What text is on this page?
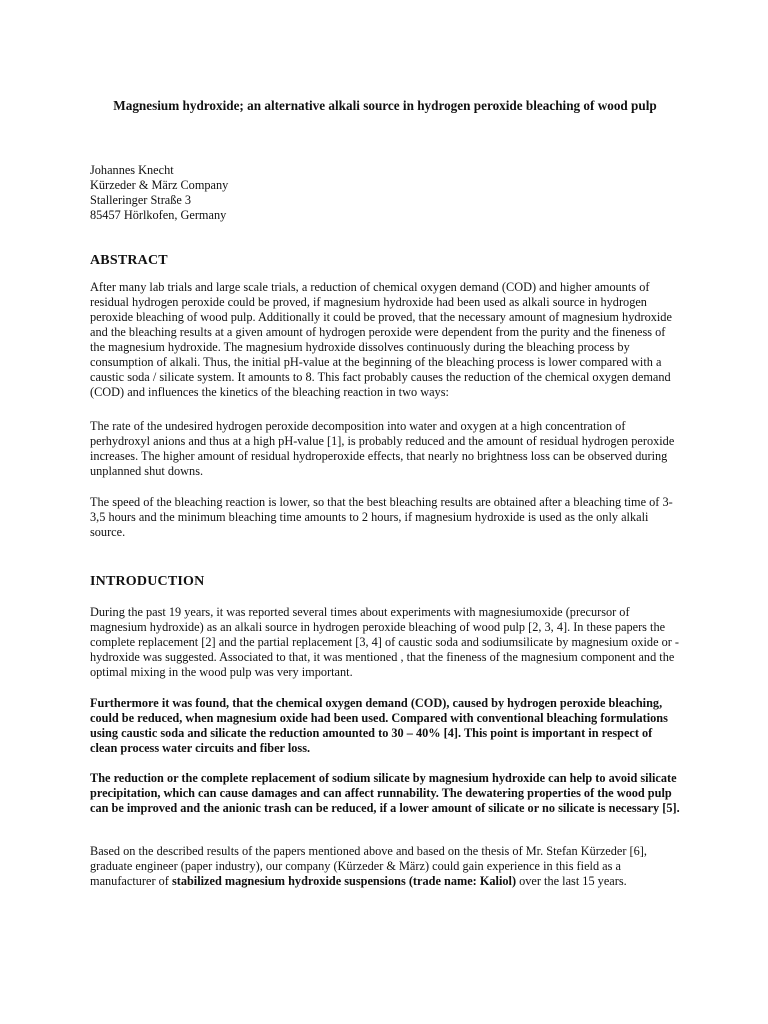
Magnesium hydroxide; an alternative alkali source in hydrogen peroxide bleaching of wood pulp
Johannes Knecht
Kürzeder & März Company
Stalleringer Straße 3
85457 Hörlkofen, Germany
ABSTRACT

After many lab trials and large scale trials, a reduction of chemical oxygen demand (COD) and higher amounts of residual hydrogen peroxide could be proved, if magnesium hydroxide had been used as alkali source in hydrogen peroxide bleaching of wood pulp. Additionally it could be proved, that the necessary amount of magnesium hydroxide and the bleaching results at a given amount of hydrogen peroxide were dependent from the purity and the fineness of the magnesium hydroxide. The magnesium hydroxide dissolves continuously during the bleaching process by consumption of alkali. Thus, the initial pH-value at the beginning of the bleaching process is lower compared with a caustic soda / silicate system. It amounts to 8. This fact probably causes the reduction of the chemical oxygen demand (COD) and influences the kinetics of the bleaching reaction in two ways:

The rate of the undesired hydrogen peroxide decomposition into water and oxygen at a high concentration of perhydroxyl anions and thus at a high pH-value [1], is probably reduced and the amount of residual hydrogen peroxide increases. The higher amount of residual hydroperoxide effects, that nearly no brightness loss can be observed during unplanned shut downs.

The speed of the bleaching reaction is lower, so that the best bleaching results are obtained after a bleaching time of 3-3,5 hours and the minimum bleaching time amounts to 2 hours, if magnesium hydroxide is used as the only alkali source.

INTRODUCTION

During the past 19 years, it was reported several times about experiments with magnesiumoxide (precursor of magnesium hydroxide) as an alkali source in hydrogen peroxide bleaching of wood pulp [2, 3, 4]. In these papers the complete replacement [2] and the partial replacement [3, 4] of caustic soda and sodiumsilicate by magnesium oxide or -hydroxide was suggested. Associated to that, it was mentioned , that the fineness of the magnesium component and the optimal mixing in the wood pulp was very important.

Furthermore it was found, that the chemical oxygen demand (COD), caused by hydrogen peroxide bleaching, could be reduced, when magnesium oxide had been used. Compared with conventional bleaching formulations using caustic soda and silicate the reduction amounted to 30 – 40% [4]. This point is important in respect of clean process water circuits and fiber loss.

The reduction or the complete replacement of sodium silicate by magnesium hydroxide can help to avoid silicate precipitation, which can cause damages and can affect runnability. The dewatering properties of the wood pulp can be improved and the anionic trash can be reduced, if a lower amount of silicate or no silicate is necessary [5].

Based on the described results of the papers mentioned above and based on the thesis of Mr. Stefan Kürzeder [6], graduate engineer (paper industry), our company (Kürzeder & März) could gain experience in this field as a manufacturer of stabilized magnesium hydroxide suspensions (trade name: Kaliol) over the last 15 years.
